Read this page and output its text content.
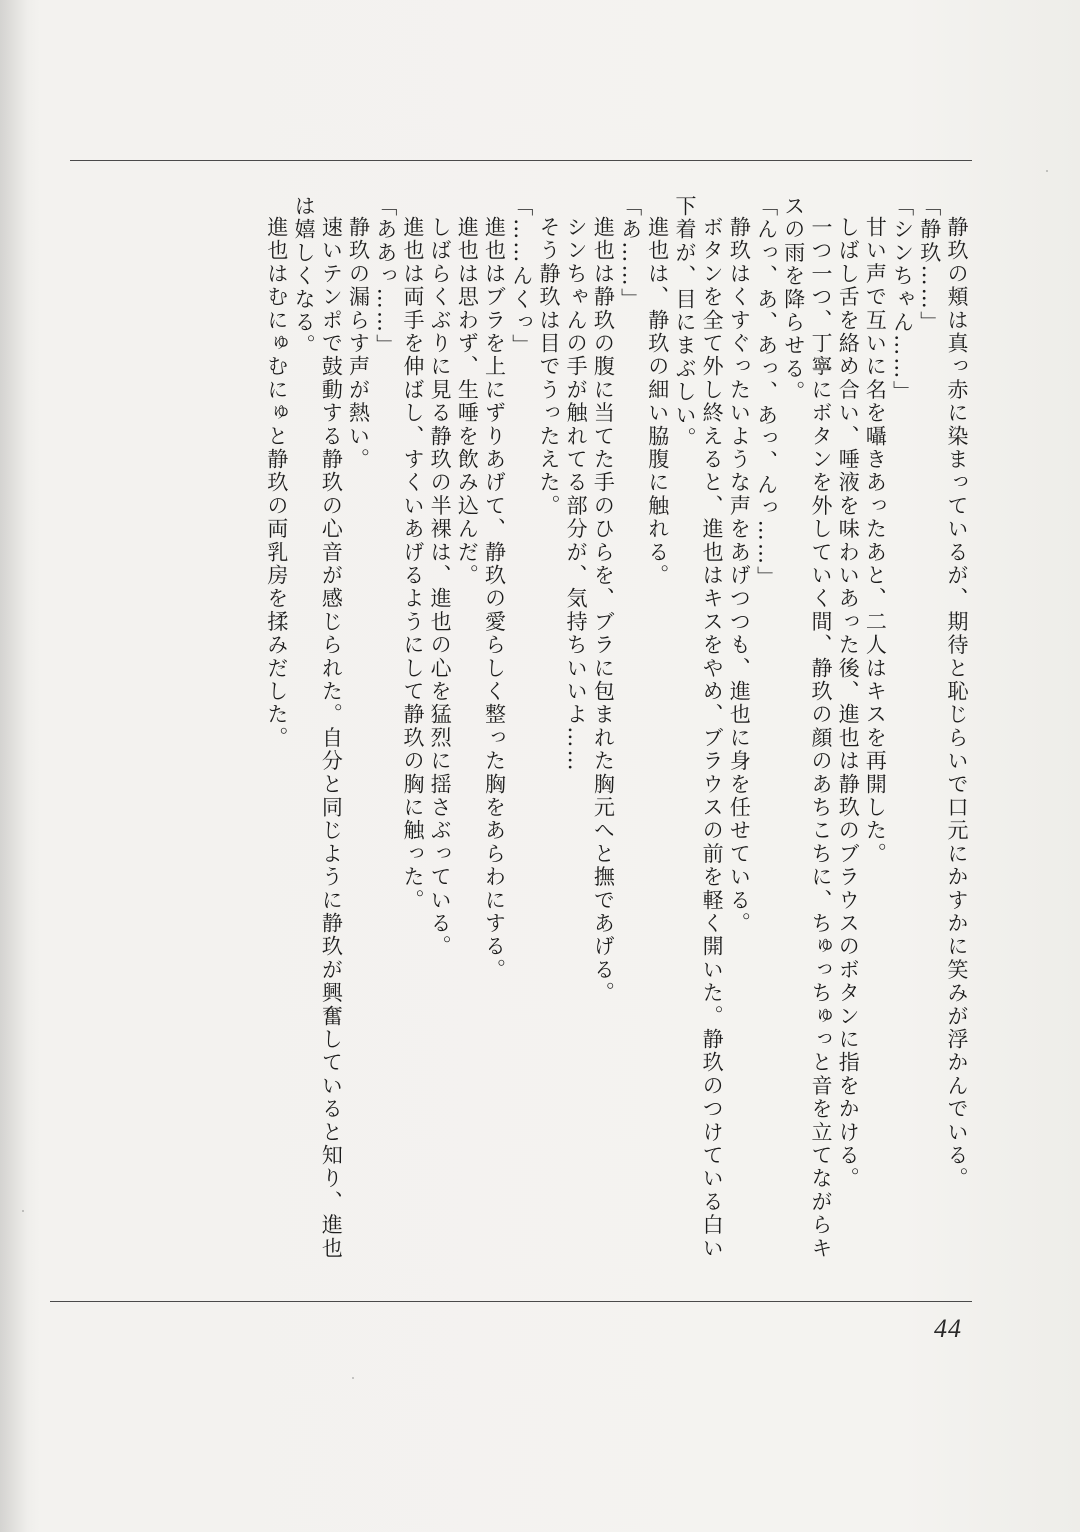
静玖の頬は真っ赤に染まっているが、期待と恥じらいで口元にかすかに笑みが浮かんでいる。

「静玖……」

「シンちゃん……」

甘い声で互いに名を囁きあったあと、二人はキスを再開した。

しばし舌を絡め合い、唾液を味わいあった後、進也は静玖のブラウスのボタンに指をかける。

一つ一つ、丁寧にボタンを外していく間、静玖の顔のあちこちに、ちゅっちゅっと音を立てながらキスの雨を降らせる。

「んっ、あ、あっ、あっ、んっ……」

静玖はくすぐったいような声をあげつつも、進也に身を任せている。

ボタンを全て外し終えると、進也はキスをやめ、ブラウスの前を軽く開いた。静玖のつけている白い下着が、目にまぶしい。

進也は、静玖の細い脇腹に触れる。

「あ……」

進也は静玖の腹に当てた手のひらを、ブラに包まれた胸元へと撫であげる。

シンちゃんの手が触れてる部分が、気持ちいいよ……

そう静玖は目でうったえた。

「……んくっ」

進也はブラを上にずりあげて、静玖の愛らしく整った胸をあらわにする。

進也は思わず、生唾を飲み込んだ。

しばらくぶりに見る静玖の半裸は、進也の心を猛烈に揺さぶっている。

進也は両手を伸ばし、すくいあげるようにして静玖の胸に触った。

「ああっ……」

静玖の漏らす声が熱い。

速いテンポで鼓動する静玖の心音が感じられた。自分と同じように静玖が興奮していると知り、進也は嬉しくなる。

進也はむにゅむにゅと静玖の両乳房を揉みだした。

44
